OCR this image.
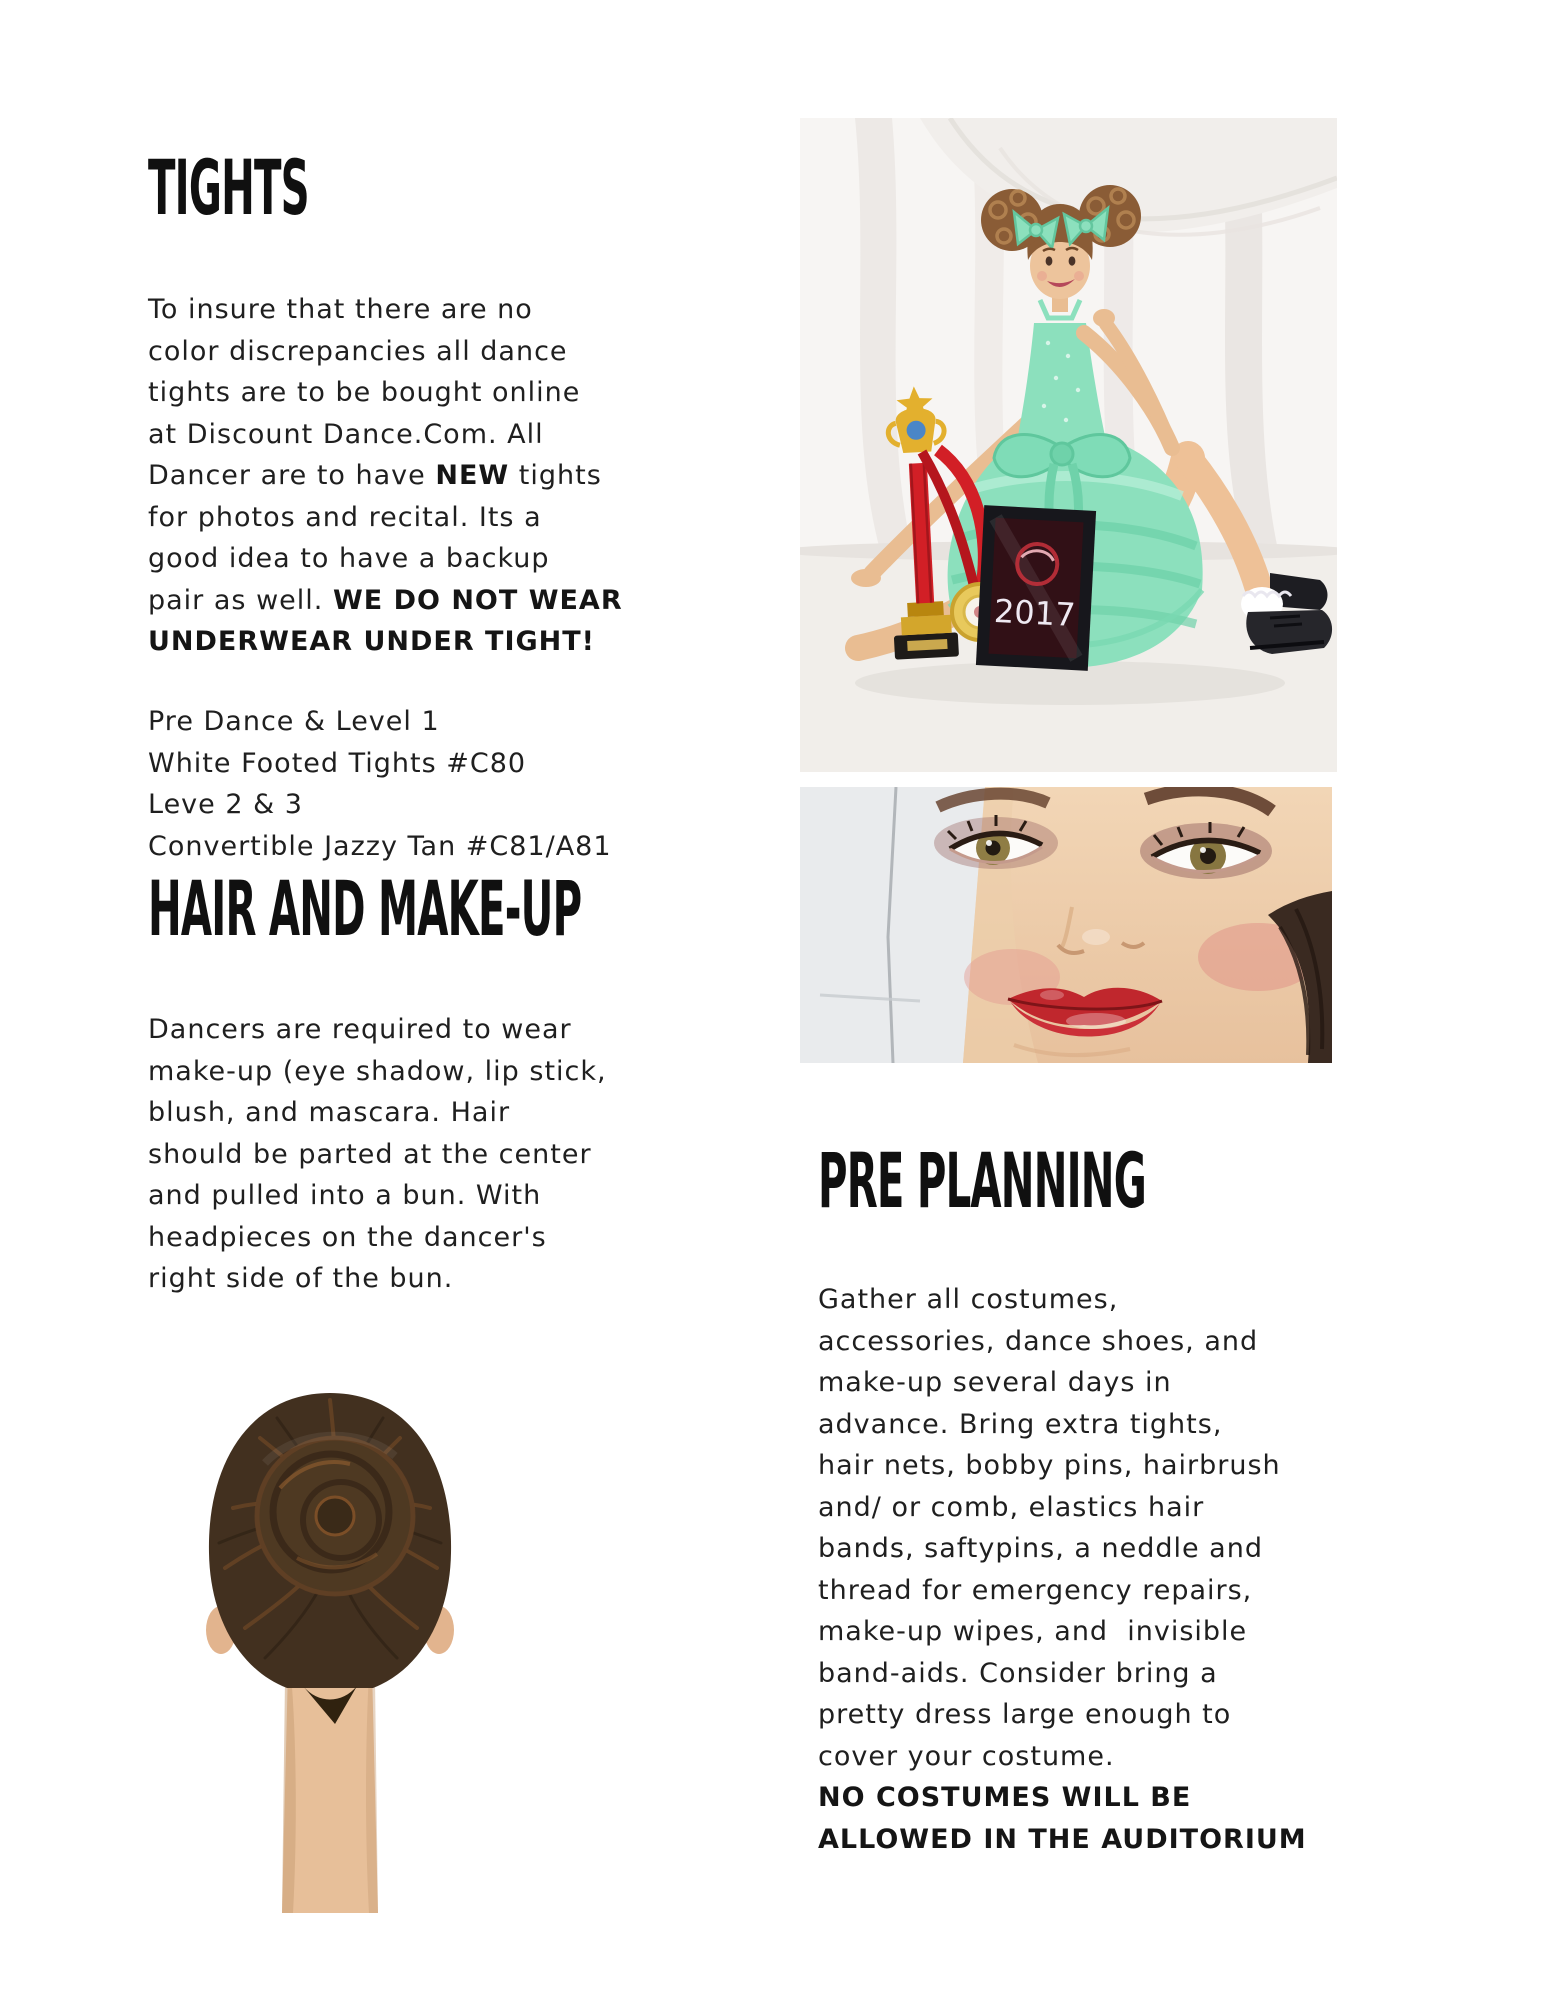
TIGHTS
To insure that there are no
color discrepancies all dance
tights are to be bought online
at Discount Dance.Com. All
Dancer are to have NEW tights
for photos and recital. Its a
good idea to have a backup
pair as well. WE DO NOT WEAR
UNDERWEAR UNDER TIGHT!
Pre Dance & Level 1
White Footed Tights #C80
Leve 2 & 3
Convertible Jazzy Tan #C81/A81
HAIR AND MAKE-UP
Dancers are required to wear
make-up (eye shadow, lip stick,
blush, and mascara. Hair
should be parted at the center
and pulled into a bun. With
headpieces on the dancer's
right side of the bun.
2017
PRE PLANNING
Gather all costumes,
accessories, dance shoes, and
make-up several days in
advance. Bring extra tights,
hair nets, bobby pins, hairbrush
and/ or comb, elastics hair
bands, saftypins, a neddle and
thread for emergency repairs,
make-up wipes, and  invisible
band-aids. Consider bring a
pretty dress large enough to
cover your costume.
NO COSTUMES WILL BE
ALLOWED IN THE AUDITORIUM
